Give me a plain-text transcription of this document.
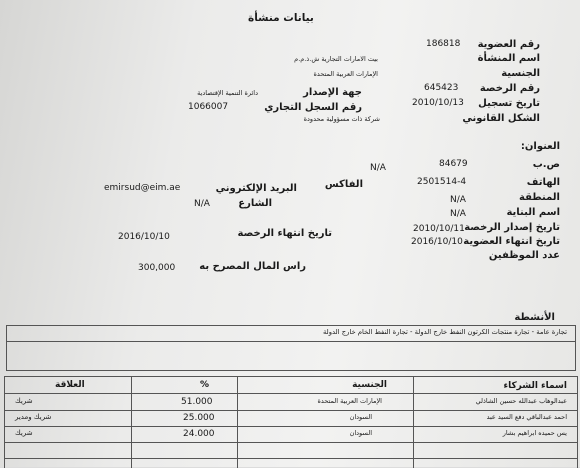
بيانات منشأة
رقم العضوية
اسم المنشأة
الجنسية
رقم الرخصة
تاريخ تسجيل
الشكل القانوني
186818
بيت الامارات التجارية ش.ذ.م.م
الإمارات العربية المتحدة
645423
2010/10/13
شركة ذات مسؤولية محدودة
جهة الإصدار
دائرة التنمية الإقتصادية
رقم السجل التجاري
1066007
العنوان:
ص.ب
84679
N/A
الهاتف
2501514-4
الفاكس
البريد الإلكتروني
emirsud@eim.ae
المنطقة
N/A
الشارع
N/A
اسم البناية
N/A
تاريخ إصدار الرخصة
2010/10/11
تاريخ انتهاء الرخصة
2016/10/10	تاريخ انتهاء العضوية
2016/10/10
عدد الموظفين
راس المال المصرح به
300,000
الأنشطة
تجارة عامة - تجارة منتجات الكرتون النفط خارج الدولة - تجارة النفط الخام خارج الدولة
اسماء الشركاء
الجنسية
%
العلاقة
عبدالوهاب عبدالله حسين الشاذلي
الإمارات العربية المتحدة
51.000
شريك
احمد عبدالباقي دفع السيد عبد
السودان
25.000
شريك ومدير
يس حميده ابراهيم بشار
السودان
24.000
شريك
